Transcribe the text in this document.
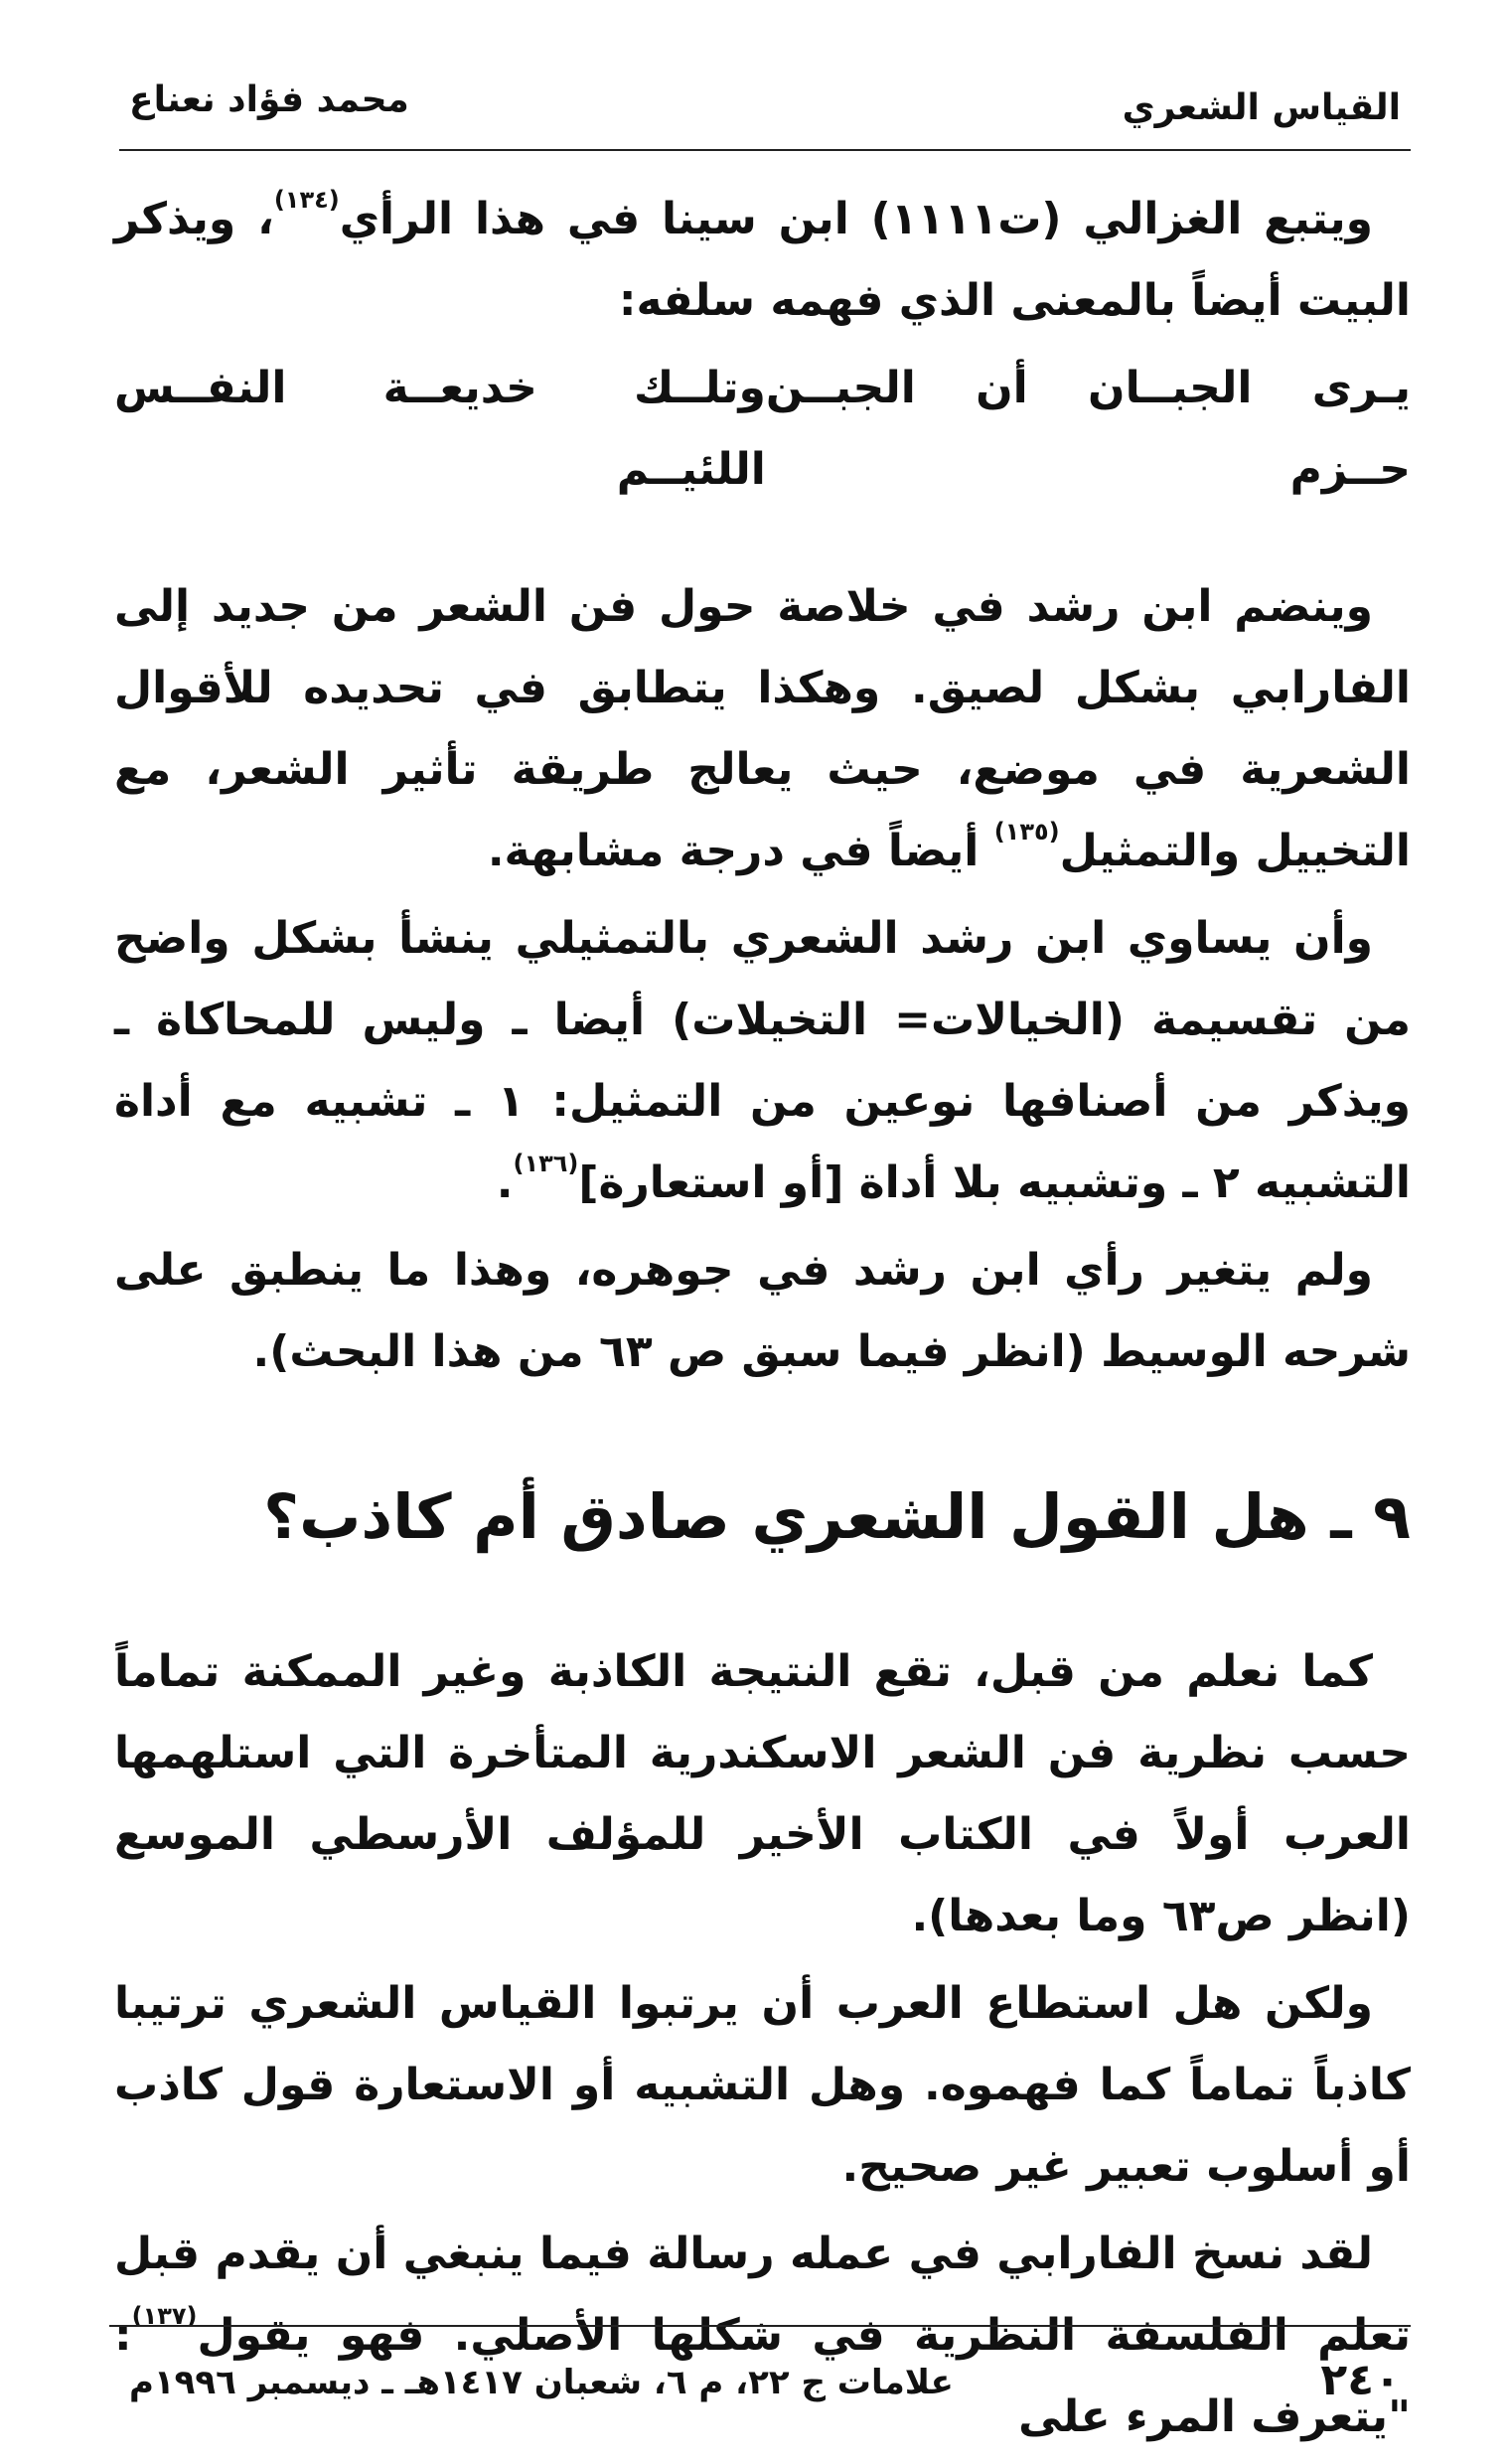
القياس الشعري
محمد فؤاد نعناع

ويتبع الغزالي (ت١١١١) ابن سينا في هذا الرأي$^{(١٣٤)}$، ويذكر البيت أيضاً بالمعنى الذي فهمه سلفه:

يـرى الجبــان أن الجبــن حــزم
وتلــك خديعــة النفــس اللئيــم

وينضم ابن رشد في خلاصة حول فن الشعر من جديد إلى الفارابي بشكل لصيق. وهكذا يتطابق في تحديده للأقوال الشعرية في موضع، حيث يعالج طريقة تأثير الشعر، مع التخييل والتمثيل$^{(١٣٥)}$ أيضاً في درجة مشابهة.

وأن يساوي ابن رشد الشعري بالتمثيلي ينشأ بشكل واضح من تقسيمة (الخيالات= التخيلات) أيضا ـ وليس للمحاكاة ـ ويذكر من أصنافها نوعين من التمثيل: ١ ـ تشبيه مع أداة التشبيه ٢ ـ وتشبيه بلا أداة [أو استعارة]$^{(١٣٦)}$.

ولم يتغير رأي ابن رشد في جوهره، وهذا ما ينطبق على شرحه الوسيط (انظر فيما سبق ص ٦٣ من هذا البحث).

٩ ـ هل القول الشعري صادق أم كاذب؟

كما نعلم من قبل، تقع النتيجة الكاذبة وغير الممكنة تماماً حسب نظرية فن الشعر الاسكندرية المتأخرة التي استلهمها العرب أولاً في الكتاب الأخير للمؤلف الأرسطي الموسع (انظر ص٦٣ وما بعدها).

ولكن هل استطاع العرب أن يرتبوا القياس الشعري ترتيبا كاذباً تماماً كما فهموه. وهل التشبيه أو الاستعارة قول كاذب أو أسلوب تعبير غير صحيح.

لقد نسخ الفارابي في عمله رسالة فيما ينبغي أن يقدم قبل تعلم الفلسفة النظرية في شكلها الأصلي. فهو يقول$^{(١٣٧)}$: "يتعرف المرء على

٢٤٠
علامات ج ٢٢، م ٦، شعبان ١٤١٧هـ ـ ديسمبر ١٩٩٦م
